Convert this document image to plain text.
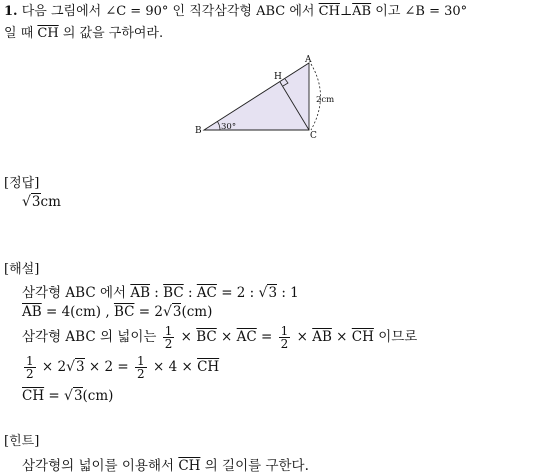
1. 다음 그림에서 ∠C = 90° 인 직각삼각형 ABC 에서 $\overline{CH}\perp\overline{AB}$ 이고 ∠B = 30°
일 때 $\overline{CH}$ 의 값을 구하여라.
A
H
B	C
30°
2cm
[정답]
√3cm
[해설]
삼각형 ABC 에서 $\overline{AB}$ : $\overline{BC}$ : $\overline{AC} = 2$ : √3 : 1
$\overline{AB} = 4(cm)$ , $\overline{BC} = 2√3(cm)$
삼각형 ABC 의 넓이는 $\frac{1}{2} \times \overline{BC} \times \overline{AC} = \frac{1}{2} \times \overline{AB} \times \overline{CH}$ 이므로
$\frac{1}{2} \times 2√3 \times 2 = \frac{1}{2} \times 4 \times \overline{CH}$
$\overline{CH} = √3(cm)$
[힌트]
삼각형의 넓이를 이용해서 $\overline{CH}$ 의 길이를 구한다.
